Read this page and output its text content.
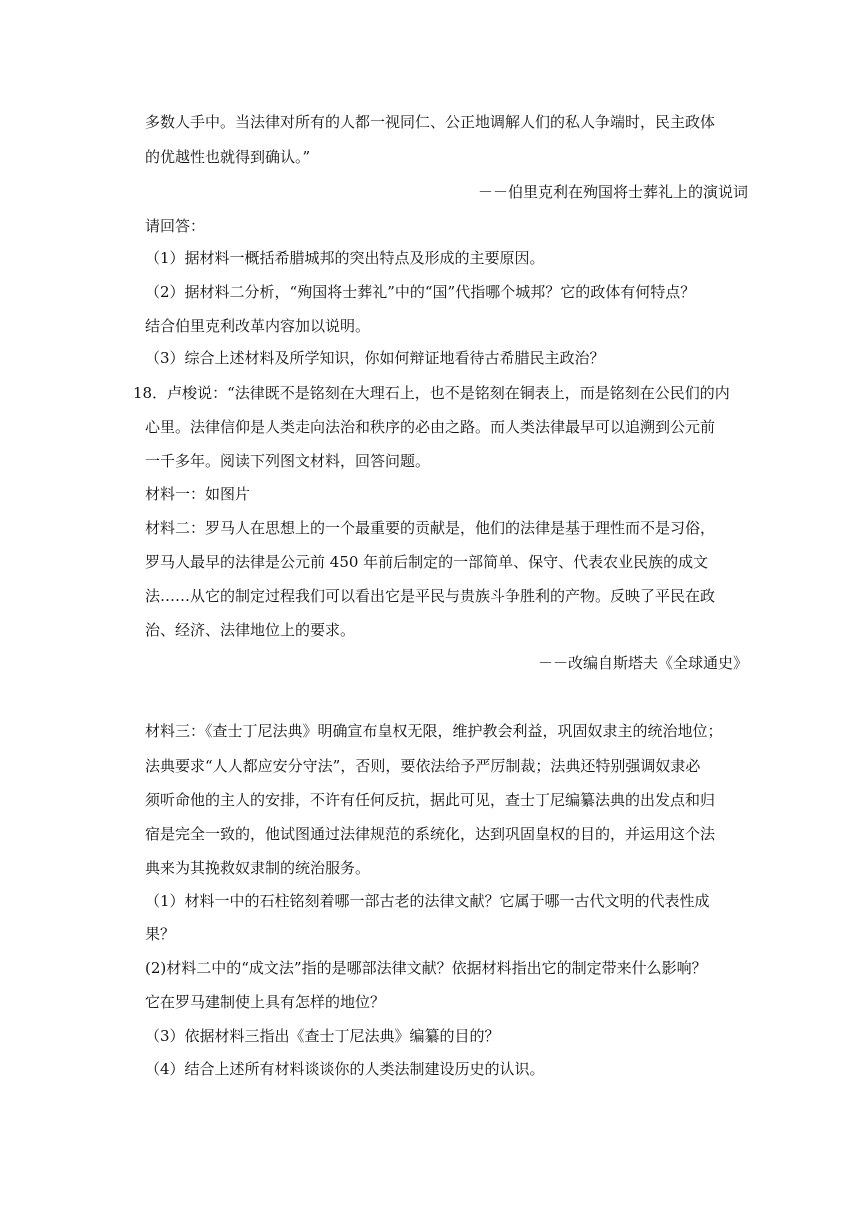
多数人手中。当法律对所有的人都一视同仁、公正地调解人们的私人争端时，民主政体
的优越性也就得到确认。”
－－伯里克利在殉国将士葬礼上的演说词
请回答：
（1）据材料一概括希腊城邦的突出特点及形成的主要原因。
（2）据材料二分析，“殉国将士葬礼”中的“国”代指哪个城邦？它的政体有何特点？
结合伯里克利改革内容加以说明。
（3）综合上述材料及所学知识，你如何辩证地看待古希腊民主政治？
18．卢梭说：“法律既不是铭刻在大理石上，也不是铭刻在铜表上，而是铭刻在公民们的内
心里。法律信仰是人类走向法治和秩序的必由之路。而人类法律最早可以追溯到公元前
一千多年。阅读下列图文材料，回答问题。
材料一：如图片
材料二：罗马人在思想上的一个最重要的贡献是，他们的法律是基于理性而不是习俗，
罗马人最早的法律是公元前 450 年前后制定的一部简单、保守、代表农业民族的成文
法……从它的制定过程我们可以看出它是平民与贵族斗争胜利的产物。反映了平民在政
治、经济、法律地位上的要求。
－－改编自斯塔夫《全球通史》
材料三：《查士丁尼法典》明确宣布皇权无限，维护教会利益，巩固奴隶主的统治地位；
法典要求“人人都应安分守法”，否则，要依法给予严厉制裁；法典还特别强调奴隶必
须听命他的主人的安排，不许有任何反抗，据此可见，查士丁尼编纂法典的出发点和归
宿是完全一致的，他试图通过法律规范的系统化，达到巩固皇权的目的，并运用这个法
典来为其挽救奴隶制的统治服务。
（1）材料一中的石柱铭刻着哪一部古老的法律文献？它属于哪一古代文明的代表性成
果？
(2)材料二中的“成文法”指的是哪部法律文献？依据材料指出它的制定带来什么影响？
它在罗马建制使上具有怎样的地位？
（3）依据材料三指出《查士丁尼法典》编纂的目的？
（4）结合上述所有材料谈谈你的人类法制建设历史的认识。
